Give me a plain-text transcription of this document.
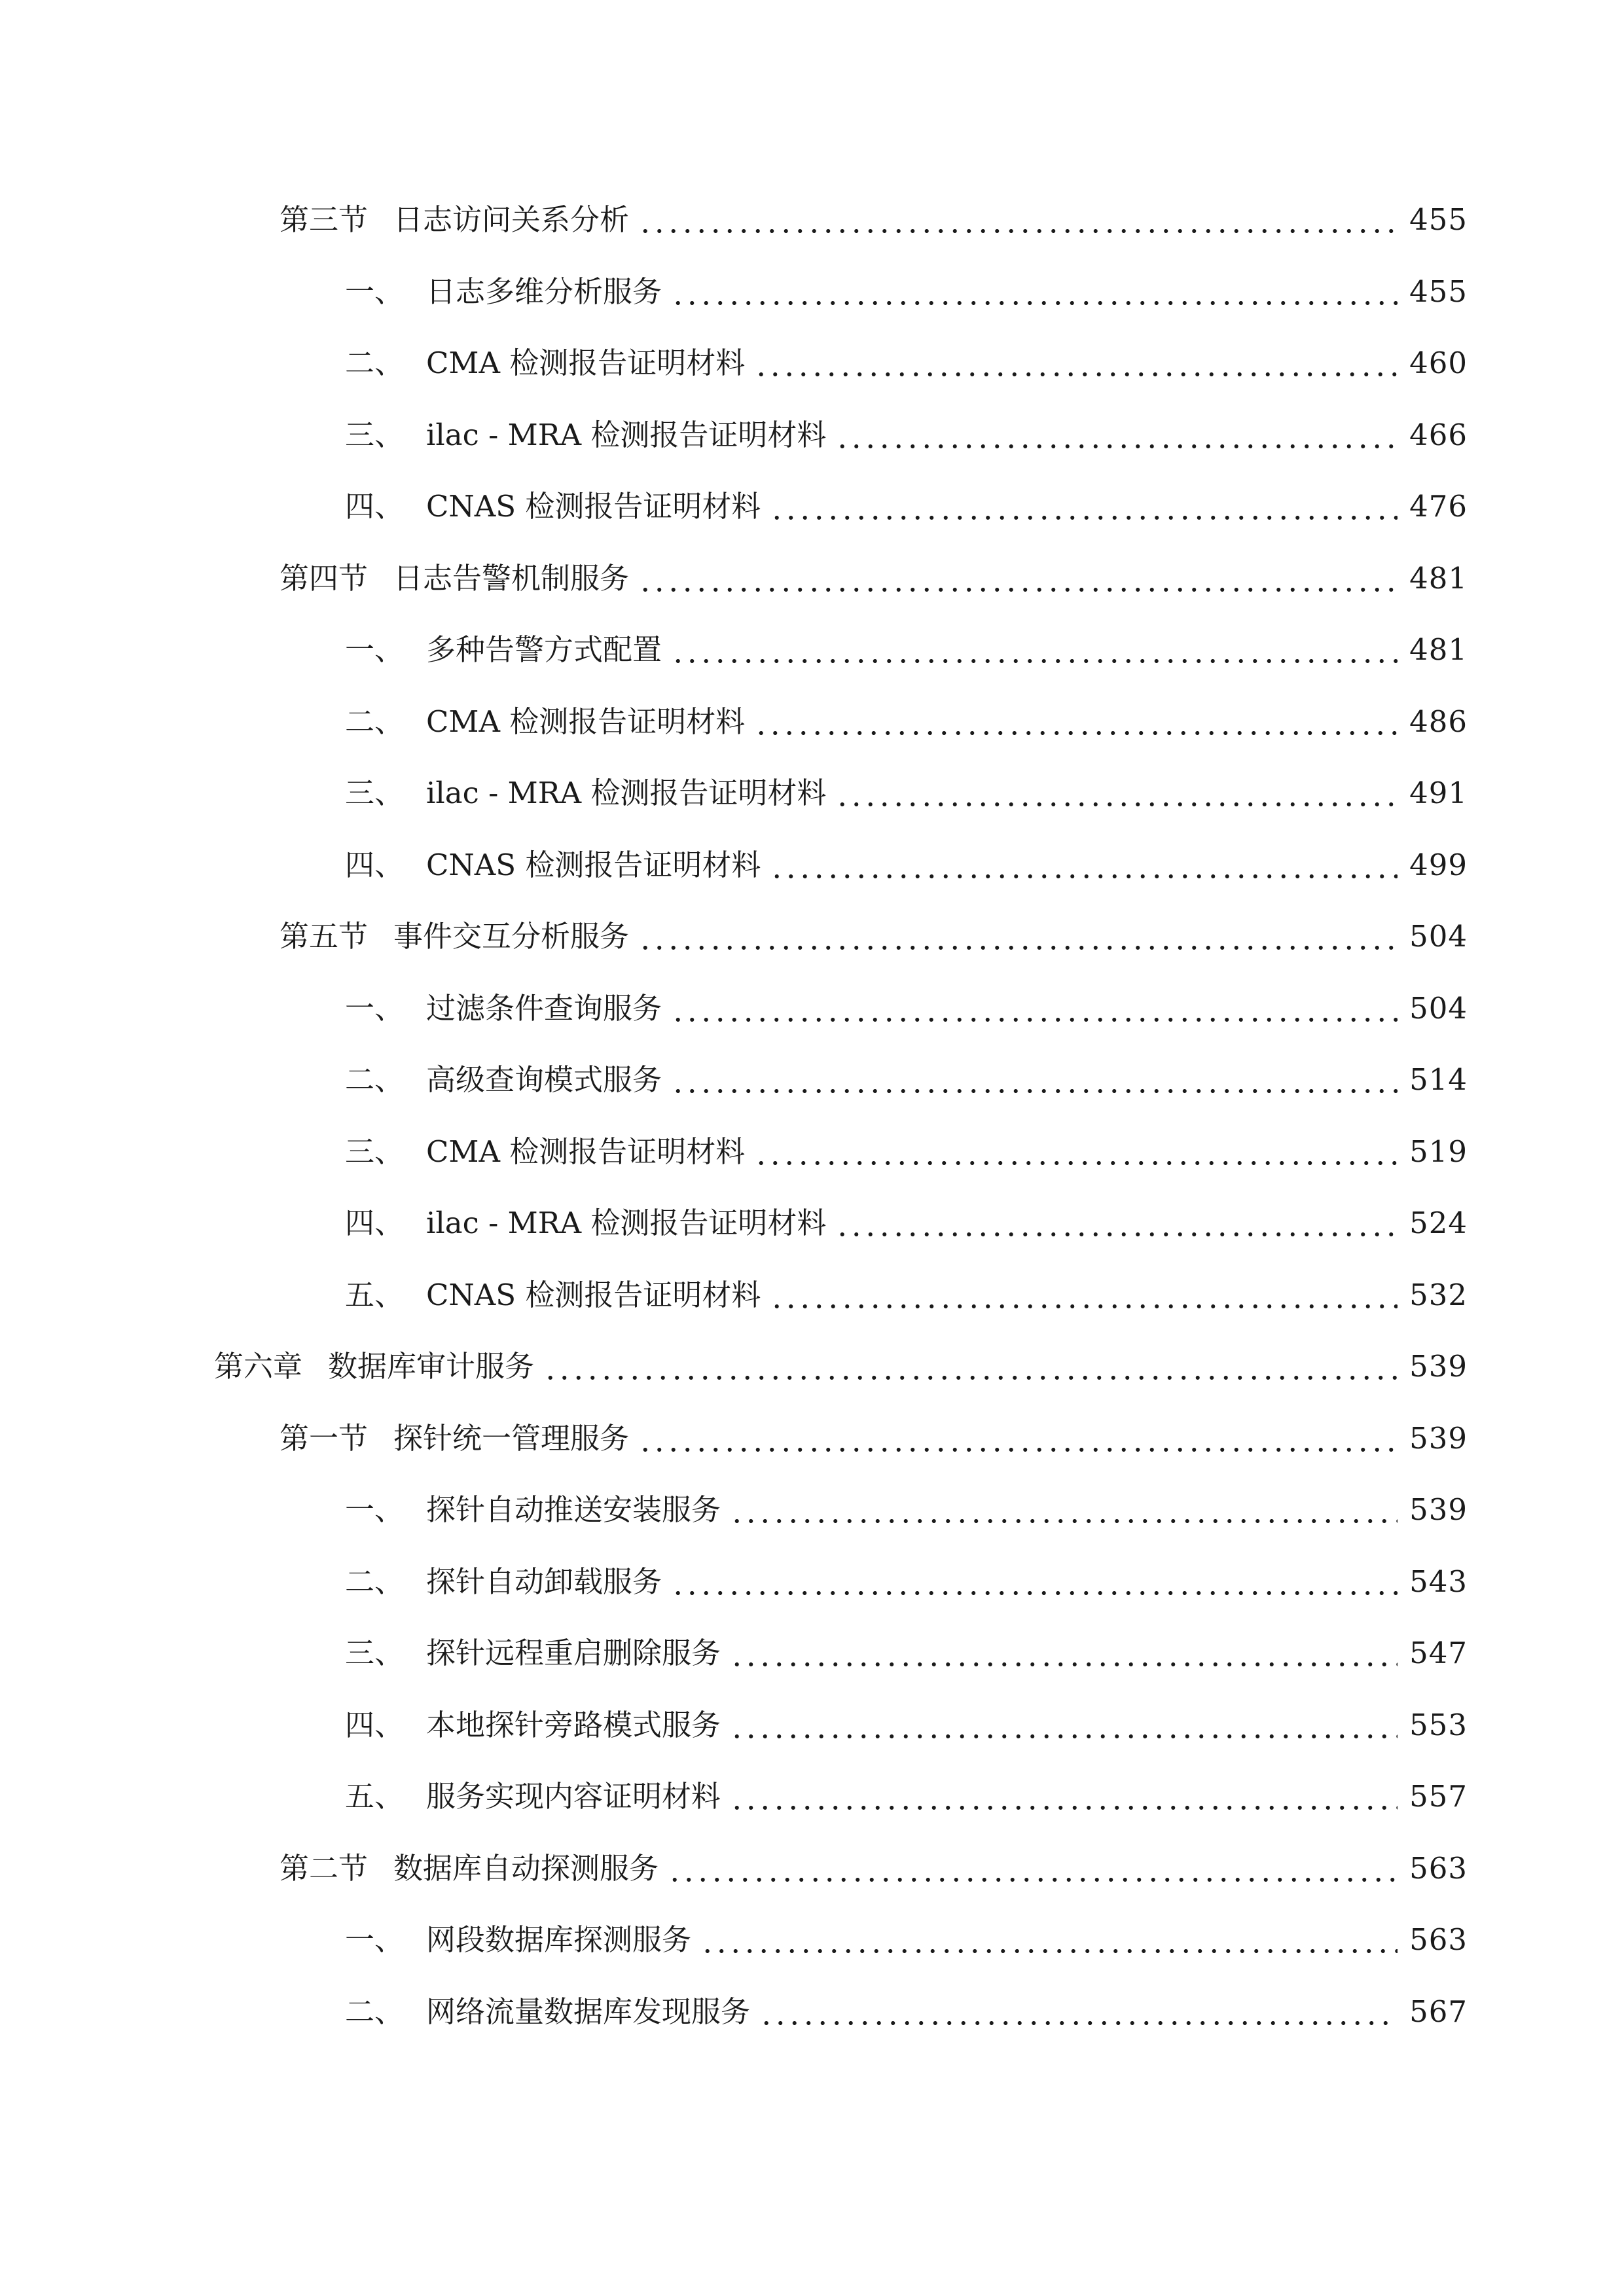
第三节 日志访问关系分析	455
一、 日志多维分析服务	455
二、 CMA 检测报告证明材料	460
三、 ilac - MRA 检测报告证明材料	466
四、 CNAS 检测报告证明材料	476
第四节 日志告警机制服务	481
一、 多种告警方式配置	481
二、 CMA 检测报告证明材料	486
三、 ilac - MRA 检测报告证明材料	491
四、 CNAS 检测报告证明材料	499
第五节 事件交互分析服务	504
一、 过滤条件查询服务	504
二、 高级查询模式服务	514
三、 CMA 检测报告证明材料	519
四、 ilac - MRA 检测报告证明材料	524
五、 CNAS 检测报告证明材料	532
第六章 数据库审计服务	539
第一节 探针统一管理服务	539
一、 探针自动推送安装服务	539
二、 探针自动卸载服务	543
三、 探针远程重启删除服务	547
四、 本地探针旁路模式服务	553
五、 服务实现内容证明材料	557
第二节 数据库自动探测服务	563
一、 网段数据库探测服务	563
二、 网络流量数据库发现服务	567
